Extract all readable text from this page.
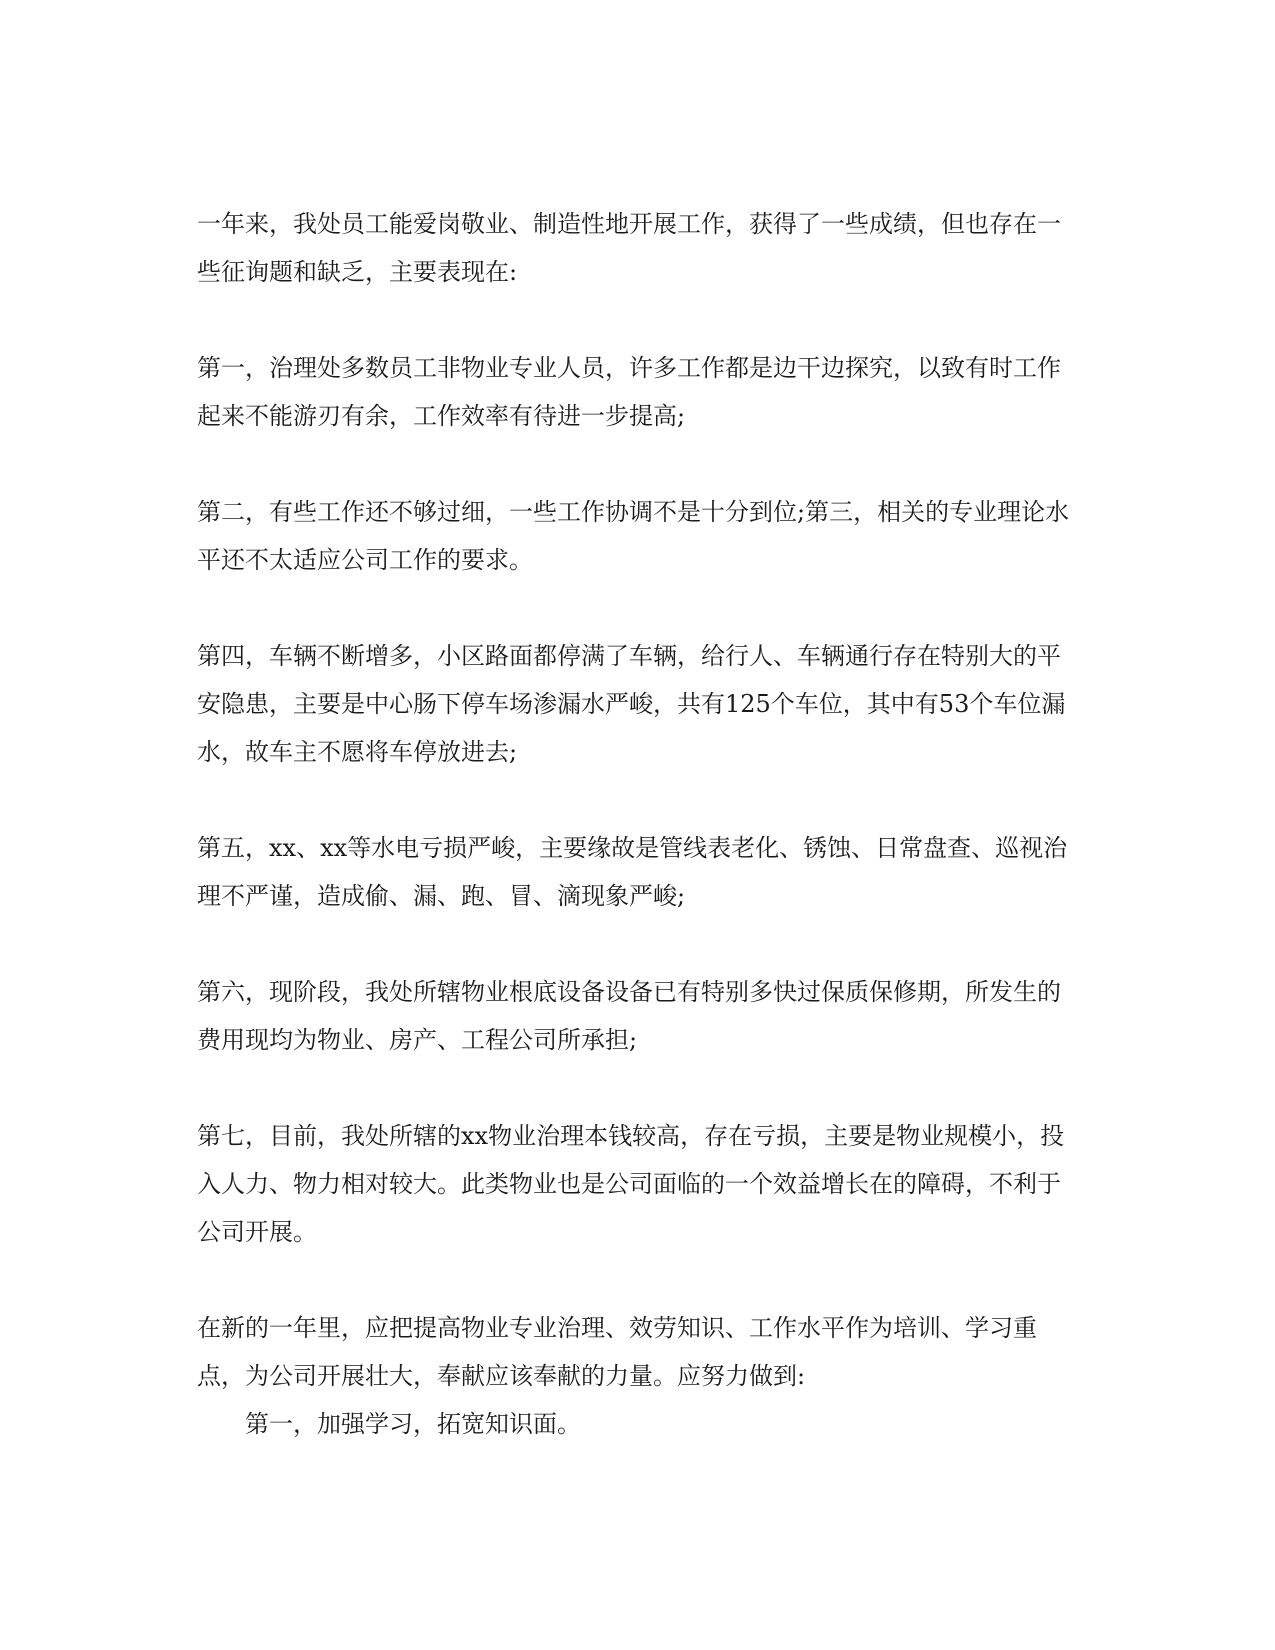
一年来，我处员工能爱岗敬业、制造性地开展工作，获得了一些成绩，但也存在一些征询题和缺乏，主要表现在:

第一，治理处多数员工非物业专业人员，许多工作都是边干边探究，以致有时工作起来不能游刃有余，工作效率有待进一步提高;

第二，有些工作还不够过细，一些工作协调不是十分到位;第三，相关的专业理论水平还不太适应公司工作的要求。

第四，车辆不断增多，小区路面都停满了车辆，给行人、车辆通行存在特别大的平安隐患，主要是中心肠下停车场渗漏水严峻，共有125个车位，其中有53个车位漏水，故车主不愿将车停放进去;

第五，xx、xx等水电亏损严峻，主要缘故是管线表老化、锈蚀、日常盘查、巡视治理不严谨，造成偷、漏、跑、冒、滴现象严峻;

第六，现阶段，我处所辖物业根底设备设备已有特别多快过保质保修期，所发生的费用现均为物业、房产、工程公司所承担;

第七，目前，我处所辖的xx物业治理本钱较高，存在亏损，主要是物业规模小，投入人力、物力相对较大。此类物业也是公司面临的一个效益增长在的障碍，不利于公司开展。

在新的一年里，应把提高物业专业治理、效劳知识、工作水平作为培训、学习重点，为公司开展壮大，奉献应该奉献的力量。应努力做到:

第一，加强学习，拓宽知识面。
